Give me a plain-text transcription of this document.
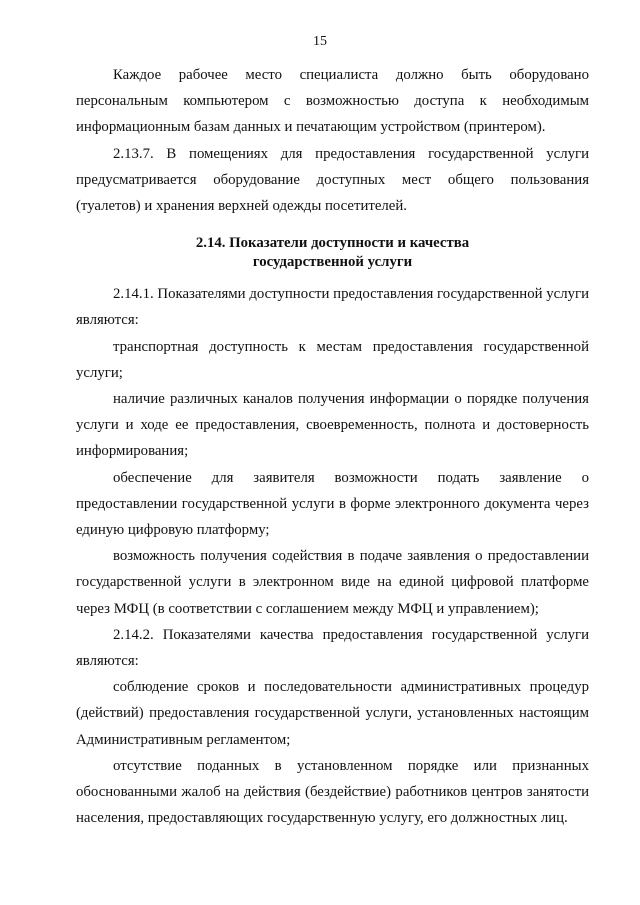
15

Каждое рабочее место специалиста должно быть оборудовано персональным компьютером с возможностью доступа к необходимым информационным базам данных и печатающим устройством (принтером).

2.13.7. В помещениях для предоставления государственной услуги предусматривается оборудование доступных мест общего пользования (туалетов) и хранения верхней одежды посетителей.

2.14. Показатели доступности и качества
государственной услуги

2.14.1. Показателями доступности предоставления государственной услуги являются:

транспортная доступность к местам предоставления государственной услуги;

наличие различных каналов получения информации о порядке получения услуги и ходе ее предоставления, своевременность, полнота и достоверность информирования;

обеспечение для заявителя возможности подать заявление о предоставлении государственной услуги в форме электронного документа через единую цифровую платформу;

возможность получения содействия в подаче заявления о предоставлении государственной услуги в электронном виде на единой цифровой платформе через МФЦ (в соответствии с соглашением между МФЦ и управлением);

2.14.2. Показателями качества предоставления государственной услуги являются:

соблюдение сроков и последовательности административных процедур (действий) предоставления государственной услуги, установленных настоящим Административным регламентом;

отсутствие поданных в установленном порядке или признанных обоснованными жалоб на действия (бездействие) работников центров занятости населения, предоставляющих государственную услугу, его должностных лиц.
